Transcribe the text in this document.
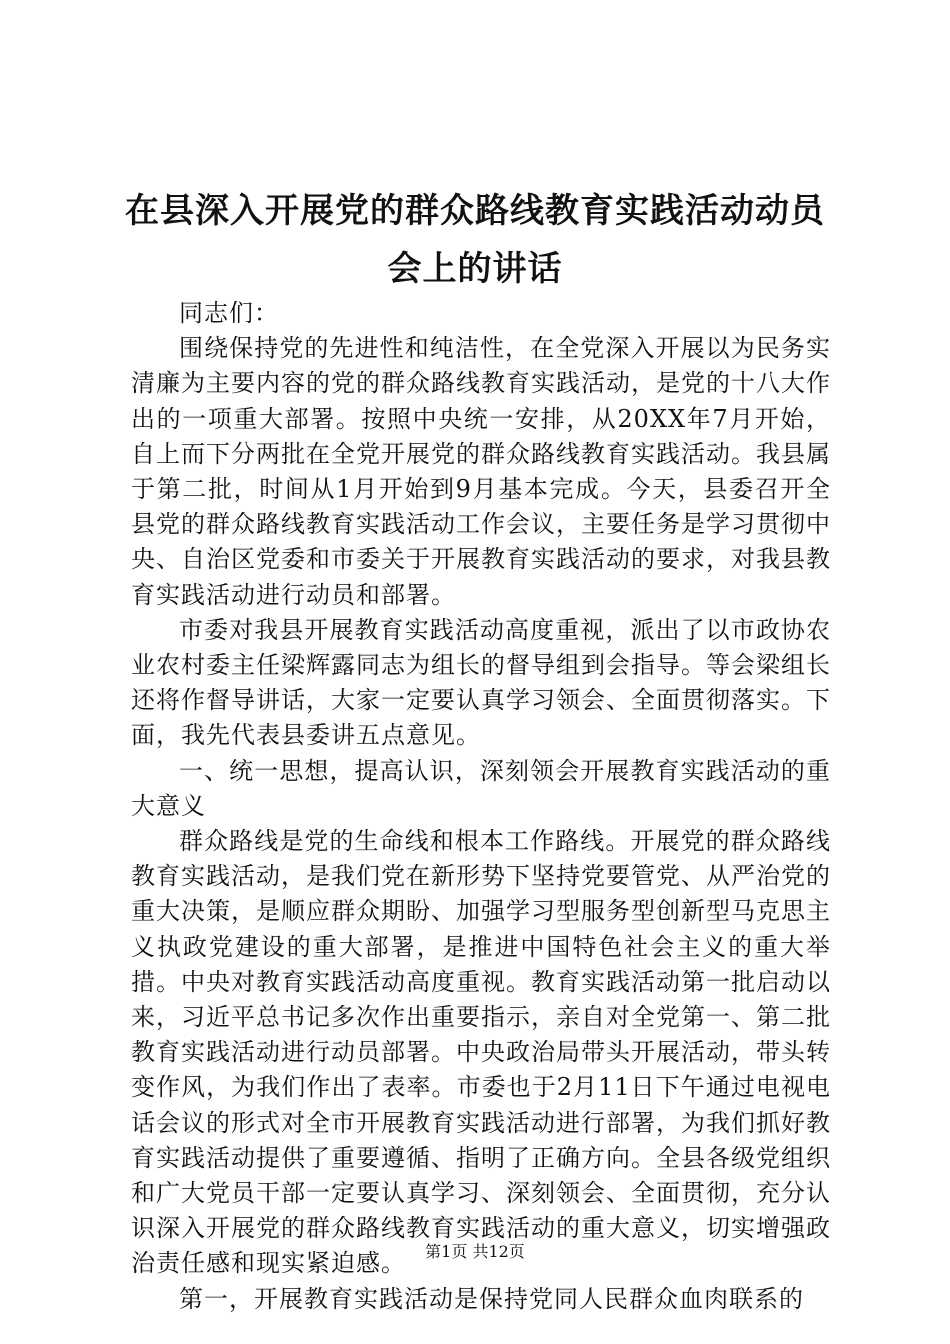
在县深入开展党的群众路线教育实践活动动员会上的讲话

同志们：

围绕保持党的先进性和纯洁性，在全党深入开展以为民务实清廉为主要内容的党的群众路线教育实践活动，是党的十八大作出的一项重大部署。按照中央统一安排，从20XX年7月开始，自上而下分两批在全党开展党的群众路线教育实践活动。我县属于第二批，时间从1月开始到9月基本完成。今天，县委召开全县党的群众路线教育实践活动工作会议，主要任务是学习贯彻中央、自治区党委和市委关于开展教育实践活动的要求，对我县教育实践活动进行动员和部署。

市委对我县开展教育实践活动高度重视，派出了以市政协农业农村委主任梁辉露同志为组长的督导组到会指导。等会梁组长还将作督导讲话，大家一定要认真学习领会、全面贯彻落实。下面，我先代表县委讲五点意见。

一、统一思想，提高认识，深刻领会开展教育实践活动的重大意义

群众路线是党的生命线和根本工作路线。开展党的群众路线教育实践活动，是我们党在新形势下坚持党要管党、从严治党的重大决策，是顺应群众期盼、加强学习型服务型创新型马克思主义执政党建设的重大部署，是推进中国特色社会主义的重大举措。中央对教育实践活动高度重视。教育实践活动第一批启动以来，习近平总书记多次作出重要指示，亲自对全党第一、第二批教育实践活动进行动员部署。中央政治局带头开展活动，带头转变作风，为我们作出了表率。市委也于2月11日下午通过电视电话会议的形式对全市开展教育实践活动进行部署，为我们抓好教育实践活动提供了重要遵循、指明了正确方向。全县各级党组织和广大党员干部一定要认真学习、深刻领会、全面贯彻，充分认识深入开展党的群众路线教育实践活动的重大意义，切实增强政治责任感和现实紧迫感。

第一，开展教育实践活动是保持党同人民群众血肉联系的

第1页 共12页
